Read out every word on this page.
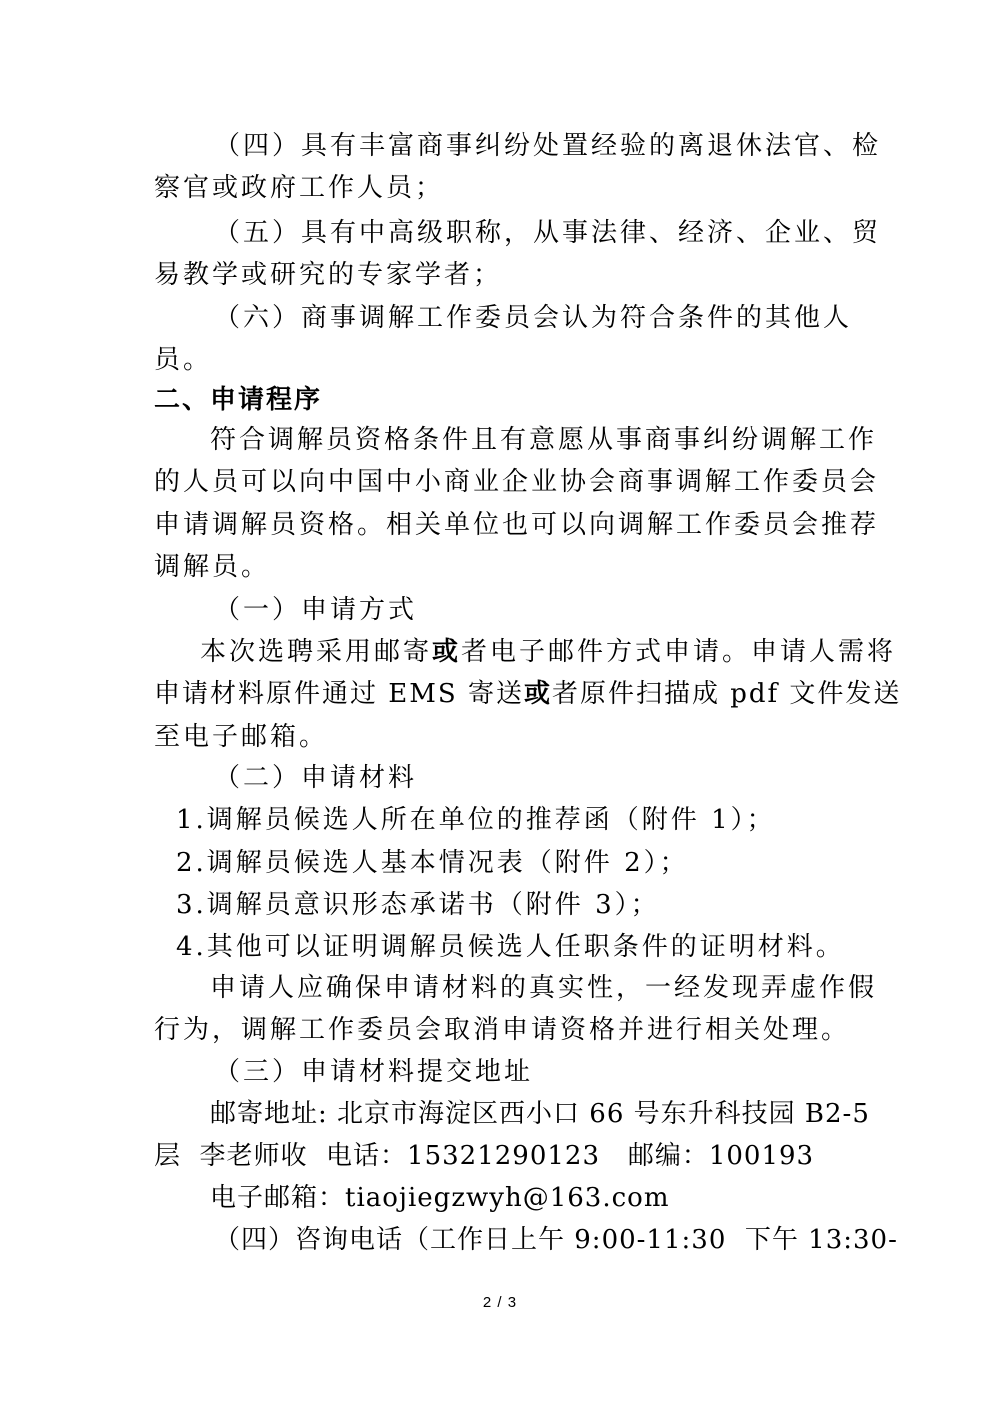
（四）具有丰富商事纠纷处置经验的离退休法官、检
察官或政府工作人员；
（五）具有中高级职称，从事法律、经济、企业、贸
易教学或研究的专家学者；
（六）商事调解工作委员会认为符合条件的其他人
员。
二、申请程序
符合调解员资格条件且有意愿从事商事纠纷调解工作
的人员可以向中国中小商业企业协会商事调解工作委员会
申请调解员资格。相关单位也可以向调解工作委员会推荐
调解员。
（一）申请方式
本次选聘采用邮寄或者电子邮件方式申请。申请人需将
申请材料原件通过 EMS 寄送或者原件扫描成 pdf 文件发送
至电子邮箱。
（二）申请材料
1.调解员候选人所在单位的推荐函（附件 1）；
2.调解员候选人基本情况表（附件 2）；
3.调解员意识形态承诺书（附件 3）；
4.其他可以证明调解员候选人任职条件的证明材料。
申请人应确保申请材料的真实性，一经发现弄虚作假
行为，调解工作委员会取消申请资格并进行相关处理。
（三）申请材料提交地址
邮寄地址: 北京市海淀区西小口 66 号东升科技园 B2-5
层  李老师收  电话：15321290123   邮编：100193
电子邮箱：tiaojiegzwyh@163.com
（四）咨询电话（工作日上午 9:00-11:30  下午 13:30-
2 / 3
